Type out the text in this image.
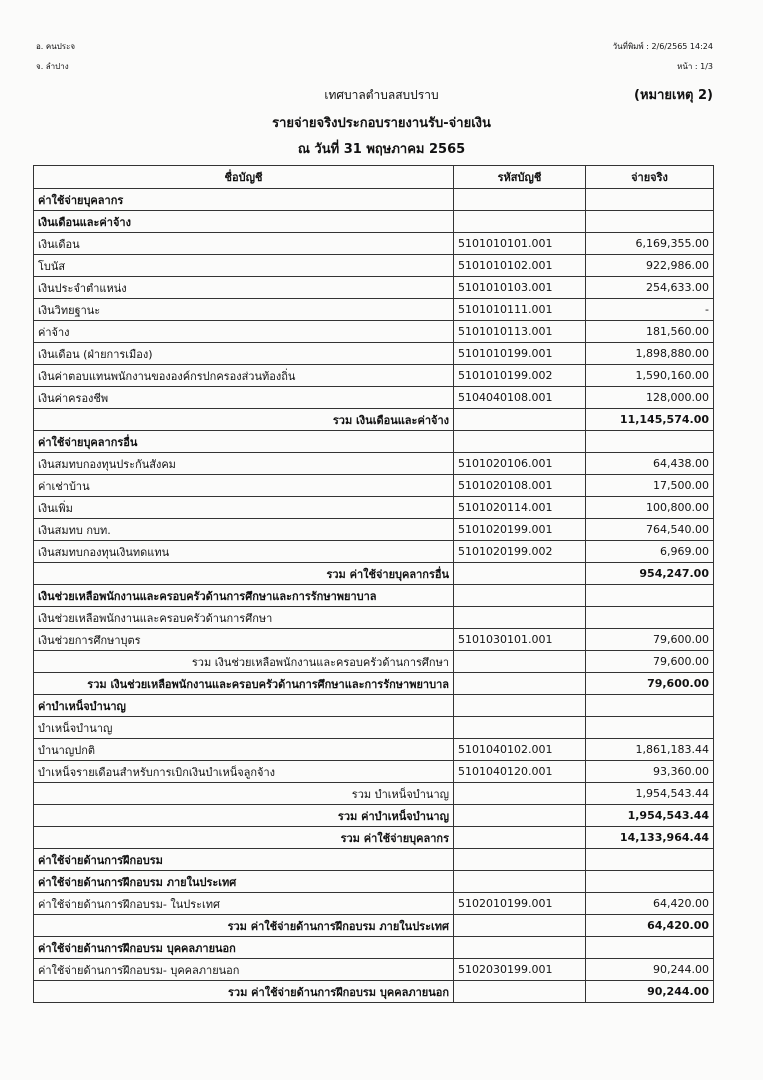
อ. คนประจ
จ. ลำปาง
วันที่พิมพ์ : 2/6/2565 14:24
หน้า : 1/3
เทศบาลตำบลสบปราบ	(หมายเหตุ 2)
รายจ่ายจริงประกอบรายงานรับ-จ่ายเงิน
ณ วันที่ 31 พฤษภาคม 2565
ชื่อบัญชี	รหัสบัญชี	จ่ายจริง
ค่าใช้จ่ายบุคลากร		
เงินเดือนและค่าจ้าง		
เงินเดือน	5101010101.001	6,169,355.00
โบนัส	5101010102.001	922,986.00
เงินประจำตำแหน่ง	5101010103.001	254,633.00
เงินวิทยฐานะ	5101010111.001	-
ค่าจ้าง	5101010113.001	181,560.00
เงินเดือน (ฝ่ายการเมือง)	5101010199.001	1,898,880.00
เงินค่าตอบแทนพนักงานขององค์กรปกครองส่วนท้องถิ่น	5101010199.002	1,590,160.00
เงินค่าครองชีพ	5104040108.001	128,000.00
รวม เงินเดือนและค่าจ้าง		11,145,574.00
ค่าใช้จ่ายบุคลากรอื่น		
เงินสมทบกองทุนประกันสังคม	5101020106.001	64,438.00
ค่าเช่าบ้าน	5101020108.001	17,500.00
เงินเพิ่ม	5101020114.001	100,800.00
เงินสมทบ กบท.	5101020199.001	764,540.00
เงินสมทบกองทุนเงินทดแทน	5101020199.002	6,969.00
รวม ค่าใช้จ่ายบุคลากรอื่น		954,247.00
เงินช่วยเหลือพนักงานและครอบครัวด้านการศึกษาและการรักษาพยาบาล		
เงินช่วยเหลือพนักงานและครอบครัวด้านการศึกษา		
เงินช่วยการศึกษาบุตร	5101030101.001	79,600.00
รวม เงินช่วยเหลือพนักงานและครอบครัวด้านการศึกษา		79,600.00
รวม เงินช่วยเหลือพนักงานและครอบครัวด้านการศึกษาและการรักษาพยาบาล		79,600.00
ค่าบำเหน็จบำนาญ		
บำเหน็จบำนาญ		
บำนาญปกติ	5101040102.001	1,861,183.44
บำเหน็จรายเดือนสำหรับการเบิกเงินบำเหน็จลูกจ้าง	5101040120.001	93,360.00
รวม บำเหน็จบำนาญ		1,954,543.44
รวม ค่าบำเหน็จบำนาญ		1,954,543.44
รวม ค่าใช้จ่ายบุคลากร		14,133,964.44
ค่าใช้จ่ายด้านการฝึกอบรม		
ค่าใช้จ่ายด้านการฝึกอบรม ภายในประเทศ		
ค่าใช้จ่ายด้านการฝึกอบรม- ในประเทศ	5102010199.001	64,420.00
รวม ค่าใช้จ่ายด้านการฝึกอบรม ภายในประเทศ		64,420.00
ค่าใช้จ่ายด้านการฝึกอบรม บุคคลภายนอก		
ค่าใช้จ่ายด้านการฝึกอบรม- บุคคลภายนอก	5102030199.001	90,244.00
รวม ค่าใช้จ่ายด้านการฝึกอบรม บุคคลภายนอก		90,244.00
